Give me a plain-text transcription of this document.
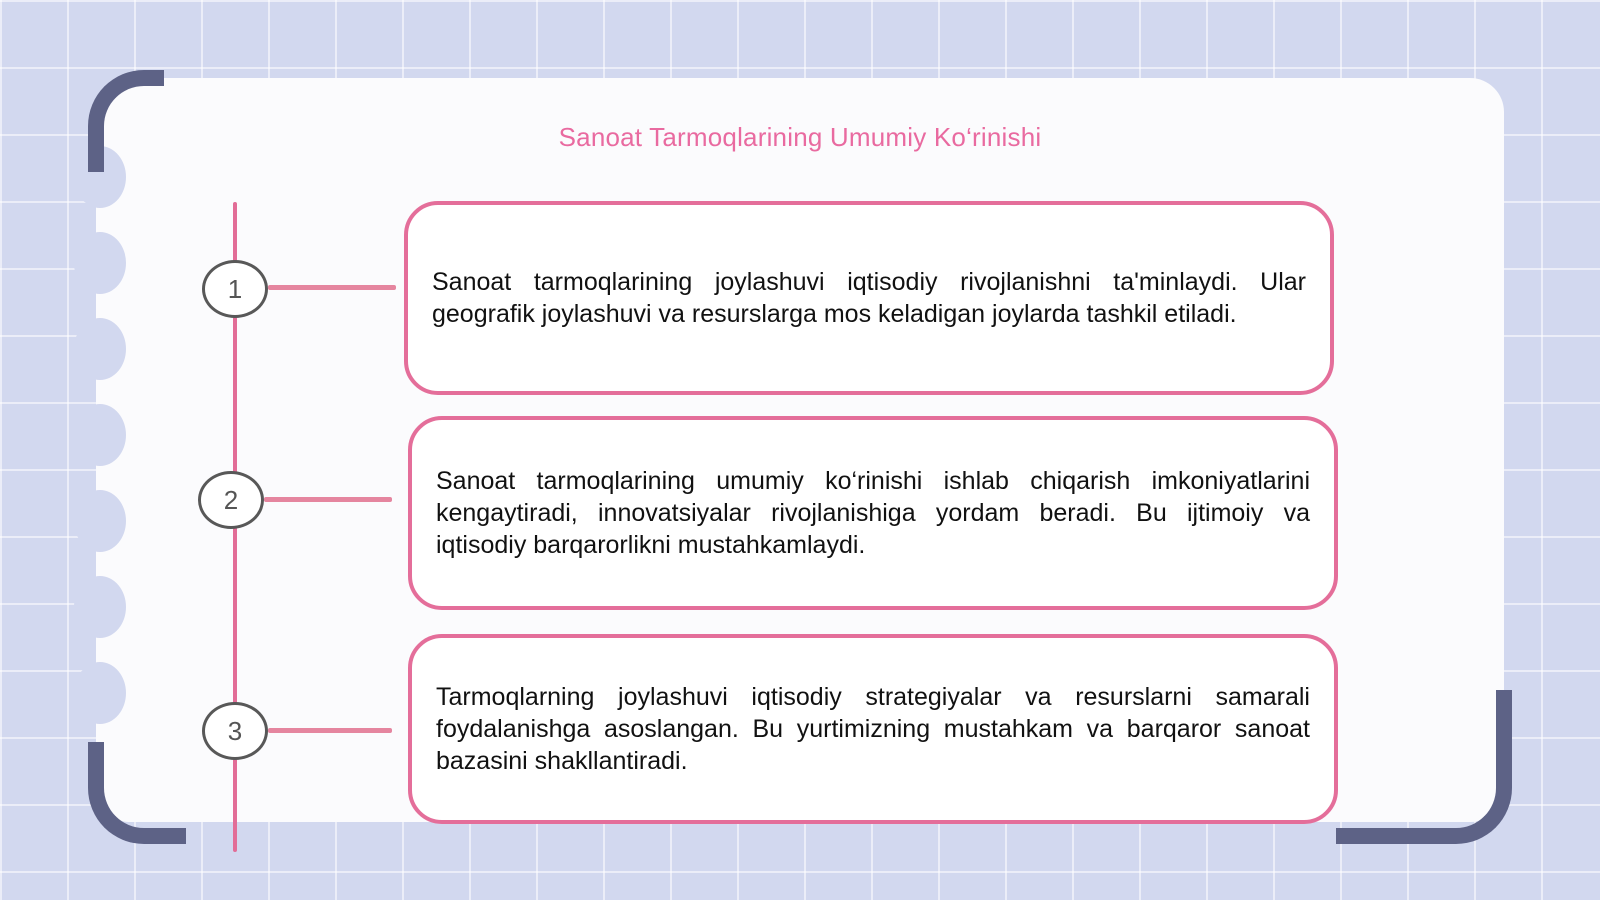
Sanoat Tarmoqlarining Umumiy Ko‘rinishi
1	Sanoat tarmoqlarining joylashuvi iqtisodiy rivojlanishni ta'minlaydi. Ular geografik joylashuvi va resurslarga mos keladigan joylarda tashkil etiladi.

2

Sanoat tarmoqlarining umumiy ko‘rinishi ishlab chiqarish imkoniyatlarini kengaytiradi, innovatsiyalar rivojlanishiga yordam beradi. Bu ijtimoiy va iqtisodiy barqarorlikni mustahkamlaydi.

3

Tarmoqlarning joylashuvi iqtisodiy strategiyalar va resurslarni samarali foydalanishga asoslangan. Bu yurtimizning mustahkam va barqaror sanoat bazasini shakllantiradi.
